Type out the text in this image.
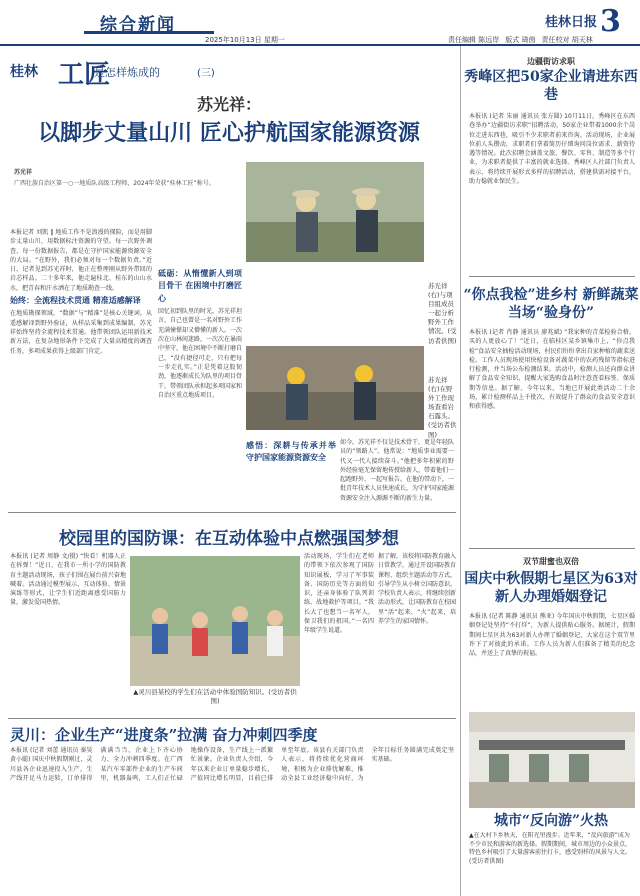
综合新闻
2025年10月13日 星期一
桂林日报 3
责任编辑 陈远岸 版式 琦茵 责任校对 胡天林
桂林 工匠
是怎样炼成的	(三)
苏光祥：
以脚步丈量山川 匠心护航国家能源资源
苏光祥
广西壮族自治区第一○一地质队高级工程师，2024年荣获“桂林工匠”称号。
苏光祥(右)与项目组成员一起分析野外工作情况。(受访者供图)
苏光祥(右)在野外工作现场查看岩石露头。(受访者供图)
本报记者 刘凯 ‖ 地质工作不是浪漫的探险，而是用脚步丈量山川，用数据标注资源的守望。每一次野外调查、每一份数据报告，都是在守护国家能源资源安全的大局。“在野外，我们必须对每一个数据负责。”近日，记者见到苏光祥时，他正在整理刚从野外带回的岩芯样品。二十多年来，他走遍桂北、桂东的山山水水，把青春和汗水洒在了地质勘查一线。
始终：全流程技术贯通 精准适感解译
在地质勘探领域，“数据”与“精准”是核心关键词。从遥感解译到野外验证，从样品采集到成果编制，苏光祥始终坚持全流程技术贯通。他带领团队运用新技术新方法，在复杂地形条件下完成了大量高精度的调查任务，多项成果获得上级部门肯定。
砥砺：从惰懂新人到项目骨干 在困境中打磨匠心
回忆初到队里的时光，苏光祥坦言，自己也曾是一名对野外工作充满憧憬却又懵懂的新人。一次次在山林间迷路，一次次在暴雨中坚守，他在困境中不断打磨自己。“没有捷径可走，只有把每一步走扎实。”正是凭着这股韧劲，他逐渐成长为队里的项目骨干，带领团队承担起多项国家和自治区重点地质项目。
感悟：深耕与传承并举 守护国家能源资源安全
如今，苏光祥不仅是技术骨干，更是年轻队员的“领路人”。他常说：“地质事业需要一代又一代人接续奋斗。”他把多年积累的野外经验毫无保留地传授给新人，带着他们一起跑野外、一起写报告。在他的带动下，一批青年技术人员快速成长，为守护国家能源资源安全注入源源不断的新生力量。
校园里的国防课：在互动体验中点燃强国梦想
本报讯 (记者 周静 文/摄) “快看！机器人正在拆弹！”近日，在我市一所小学的国防教育主题活动现场，孩子们围在展台前兴奋地喊着。活动通过模型展示、互动体验、情景演练等形式，让学生们近距离感受国防力量，激发爱国热情。
▲灵川县某校的学生们在活动中体验国防知识。(受访者供图)
活动现场，学生们在老师的带领下依次参观了国防知识展板，学习了军事装备、国防历史等方面的知识，还亲身体验了队列训练、战地救护等项目。“我长大了也想当一名军人，保卫我们的祖国。”一名四年级学生说道。
据了解，该校将国防教育融入日常教学，通过开设国防教育课程、组织主题活动等方式，引导学生从小树立国防意识。学校负责人表示，将继续创新活动形式，让国防教育在校园里“活”起来、“火”起来，培养学生的家国情怀。
灵川：企业生产“进度条”拉满 奋力冲刺四季度
本报讯 (记者 刘蕾 通讯员 秦昊 黄小聪) 国庆中秋假期刚过，灵川县各企业迅速投入生产，生产线开足马力运转，订单排得满满当当，企业上下齐心协力、全力冲刺四季度。在广西某汽车零部件企业的生产车间里，机器轰鸣，工人们正忙碌地操作设备，生产线上一派繁忙景象。企业负责人介绍，今年以来企业订单量稳步增长，产值同比增长明显，目前已排单至年底。该县有关部门负责人表示，将持续优化营商环境，积极为企业排忧解难，推动全县工业经济稳中向好，为全年目标任务圆满完成奠定坚实基础。
边疆街访求职
秀峰区把50家企业请进东西巷
本报讯 (记者 朱丽 通讯员 张方圆) 10月11日，秀峰区在东西巷举办“边疆街访求职”招聘活动，50家企业带着1000余个岗位走进东西巷，吸引不少求职者前来咨询。活动现场，企业展位前人头攒动，求职者们拿着简历仔细询问岗位需求、薪资待遇等情况。此次招聘会涵盖文旅、餐饮、零售、制造等多个行业，为求职者提供了丰富的就业选择。秀峰区人社部门负责人表示，将持续开展形式多样的招聘活动，搭建供需对接平台，助力稳就业保民生。
“你点我检”进乡村 新鲜蔬菜当场“验身份”
本报讯 (记者 肖静 通讯员 廖兆斌) “我家种的青菜检验合格，买的人更放心了！”近日，在临桂区某乡镇集市上，“你点我检”食品安全抽检活动现场，村民们纷纷拿出自家种植的蔬菜送检。工作人员现场使用快检设备对蔬菜中的农药残留等指标进行检测，并当场公布检测结果。活动中，检测人员还向群众讲解了食品安全知识，提醒大家选购食品时注意查看标签、保质期等信息。据了解，今年以来，当地已开展此类活动二十余场，累计检测样品上千批次，有效提升了群众的食品安全意识和获得感。
双节甜蜜也双倍
国庆中秋假期七星区为63对新人办理婚姻登记
本报讯 (记者 陈静 通讯员 熊亚) 今年国庆中秋假期，七星区婚姻登记处坚持“不打烊”，为新人提供贴心服务。据统计，假期期间七星区共为63对新人办理了婚姻登记，大家在这个双节里许下了对彼此的承诺。工作人员为新人们准备了精美的纪念品，并送上了真挚的祝福。
城市“反向游”火热
▲在大村下乡秋天，在阳光里漫步。近年来，“反向旅游”成为不少市民和游客的新选择。假期期间，城市周边的小众景点、特色乡村吸引了大量游客前往打卡，感受别样的风景与人文。(受访者供图)
